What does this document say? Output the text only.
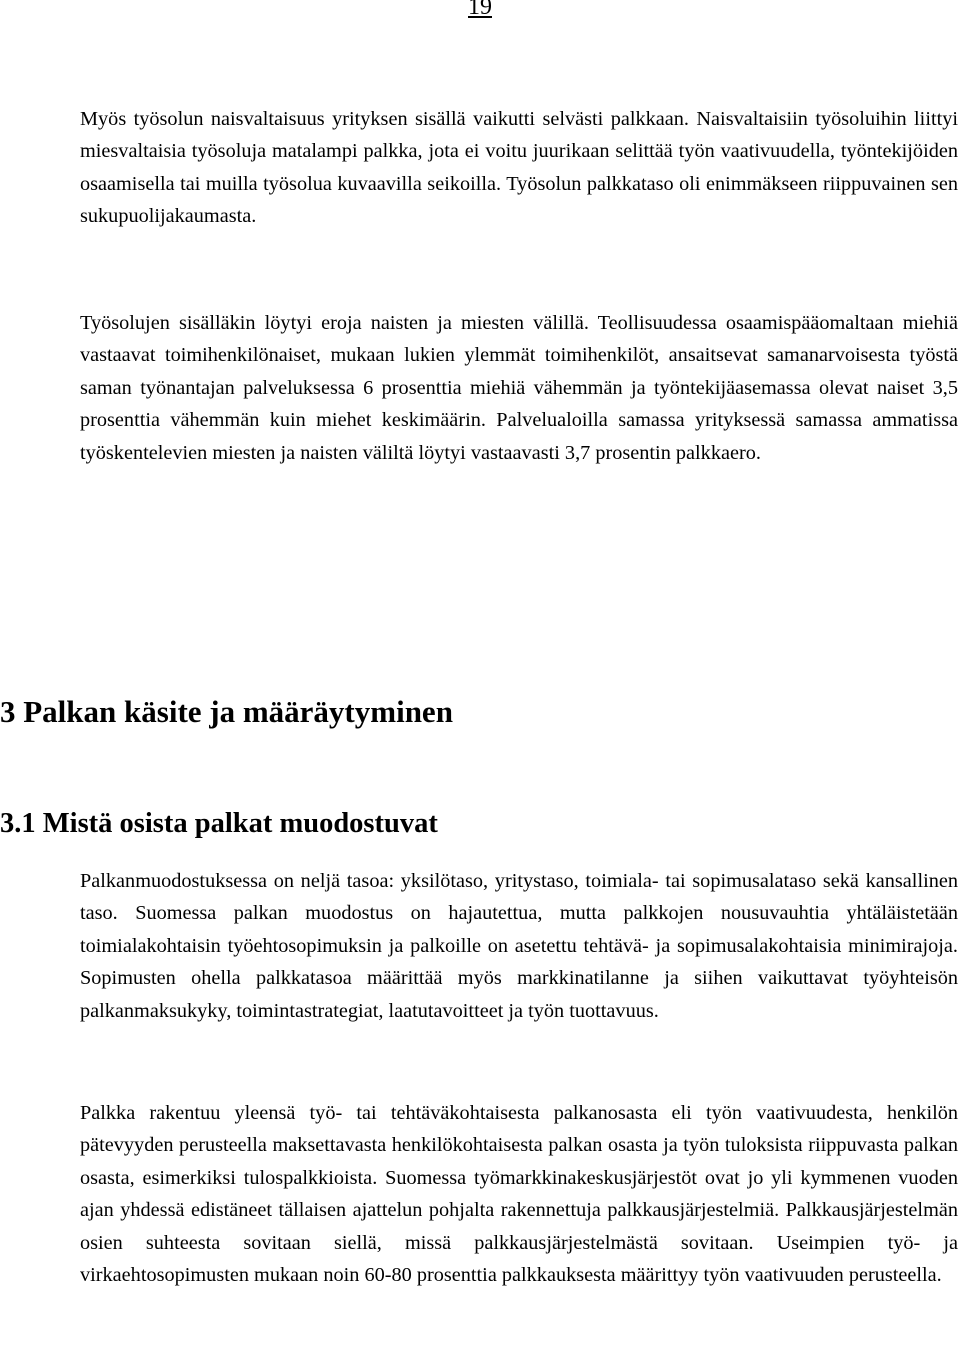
19

Myös työsolun naisvaltaisuus yrityksen sisällä vaikutti selvästi palkkaan. Naisvaltaisiin työsoluihin liittyi miesvaltaisia työsoluja matalampi palkka, jota ei voitu juurikaan selittää työn vaativuudella, työntekijöiden osaamisella tai muilla työsolua kuvaavilla seikoilla. Työsolun palkkataso oli enimmäkseen riippuvainen sen sukupuolijakaumasta.

Työsolujen sisälläkin löytyi eroja naisten ja miesten välillä. Teollisuudessa osaamispääomaltaan miehiä vastaavat toimihenkilönaiset, mukaan lukien ylemmät toimihenkilöt, ansaitsevat samanarvoisesta työstä saman työnantajan palveluksessa 6 prosenttia miehiä vähemmän ja työntekijäasemassa olevat naiset 3,5 prosenttia vähemmän kuin miehet keskimäärin. Palvelualoilla samassa yrityksessä samassa ammatissa työskentelevien miesten ja naisten väliltä löytyi vastaavasti 3,7 prosentin palkkaero.

3 Palkan käsite ja määräytyminen
3.1 Mistä osista palkat muodostuvat

Palkanmuodostuksessa on neljä tasoa: yksilötaso, yritystaso, toimiala- tai sopimusalataso sekä kansallinen taso. Suomessa palkan muodostus on hajautettua, mutta palkkojen nousuvauhtia yhtäläistetään toimialakohtaisin työehtosopimuksin ja palkoille on asetettu tehtävä- ja sopimusalakohtaisia minimirajoja. Sopimusten ohella palkkatasoa määrittää myös markkinatilanne ja siihen vaikuttavat työyhteisön palkanmaksukyky, toimintastrategiat, laatutavoitteet ja työn tuottavuus.

Palkka rakentuu yleensä työ- tai tehtäväkohtaisesta palkanosasta eli työn vaativuudesta, henkilön pätevyyden perusteella maksettavasta henkilökohtaisesta palkan osasta ja työn tuloksista riippuvasta palkan osasta, esimerkiksi tulospalkkioista. Suomessa työmarkkinakeskusjärjestöt ovat jo yli kymmenen vuoden ajan yhdessä edistäneet tällaisen ajattelun pohjalta rakennettuja palkkausjärjestelmiä. Palkkausjärjestelmän osien suhteesta sovitaan siellä, missä palkkausjärjestelmästä sovitaan. Useimpien työ- ja virkaehtosopimusten mukaan noin 60-80 prosenttia palkkauksesta määrittyy työn vaativuuden perusteella.
